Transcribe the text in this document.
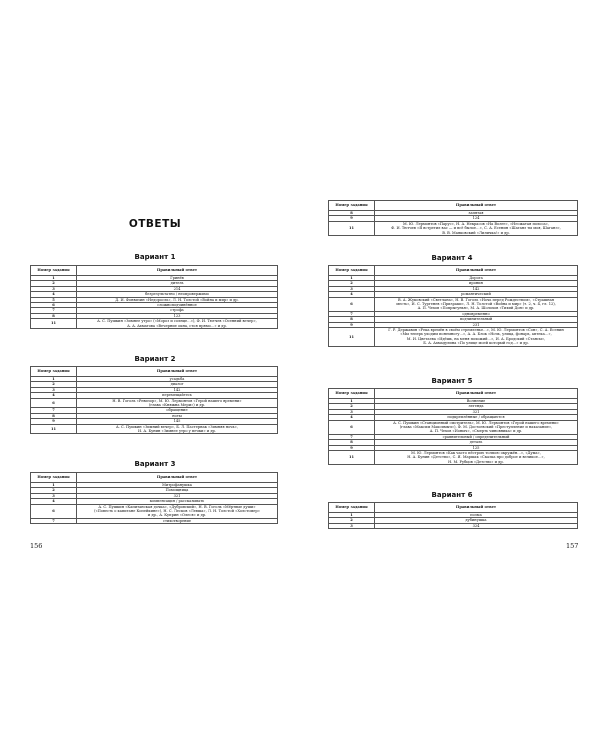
ОТВЕТЫ
156
Вариант 1
Номер задания	Правильный ответ
1	Гринёв
2	дитель
3	214
4	безрезультатно / неопровержимо
5	Д. И. Фонвизин «Недоросль», Л. Н. Толстой «Война и мир» и др.
6	сложноподчинённое
7	строфа
8	123
11	А. С. Пушкин «Зимнее утро» («Мороз и солнце…»), Ф. И. Тютчев «Осенний вечер»,
А. А. Ахматова «Вечерние окна, стоя прямо…» и др.
Вариант 2
Номер задания	Правильный ответ
1	усадьба
2	диалог
3	142
4	перемещайтесь
6	Н. В. Гоголь «Ревизор», М. Ю. Лермонтов «Герой нашего времени»
(глава «Княжна Мери») и др.
7	обращение
8	ноты
9	145
11	А. С. Пушкин «Зимний вечер», Б. Л. Пастернак «Зимняя ночь»,
И. А. Бунин «Зимнее утро у печки» и др.
Вариант 3
Номер задания	Правильный ответ
1	Митрофанушка
2	Помощница
3	321
4	компенсация / рассказывать
6	А. С. Пушкин «Капитанская дочка», «Дубровский», Н. В. Гоголь «Мёртвые души»
(«Повесть о капитане Копейкине»), Н. С. Лесков «Левша», Л. Н. Толстой «Холстомер»
и др., А. Куприн «Олеся» и др.
7	стихотворение
157
Номер задания	Правильный ответ
8	запятая
9	124
11	М. Ю. Лермонтов «Парус», Н. А. Некрасов «На Волге», «Несжатая полоса»,
Ф. И. Тютчев «Я встретил вас — и всё былое…», С. А. Есенин «Шаганэ ты моя, Шаганэ»,
В. В. Маяковский «Лиличка!» и др.
Вариант 4
Номер задания	Правильный ответ
1	Дорога
2	ирония
3	142
4	романтический
6	В. А. Жуковский «Светлана», Н. В. Гоголь «Ночь перед Рождеством», «Страшная
месть», И. С. Тургенев «Призраки», Л. Н. Толстой «Война и мир» (т. 2, ч. 4, гл. 12),
А. П. Чехов «Попрыгунья», М. А. Шолохов «Тихий Дон» и др.
7	одновременно
8	подчинительный
9	231
11	Г. Р. Державин «Река времён в своём стремленье…», М. Ю. Лермонтов «Сон», С. А. Есенин
«Мы теперь уходим понемногу…», А. А. Блок «Ночь, улица, фонарь, аптека…»,
М. И. Цветаева «Идёшь, на меня похожий…», И. А. Бродский «Стансы»,
Б. А. Ахмадулина «По улице моей который год…» и др.
Вариант 5
Номер задания	Правильный ответ
1	Волнение
2	легенда
3	321
4	подкреплённые / обращаются
6	А. С. Пушкин «Станционный смотритель», М. Ю. Лермонтов «Герой нашего времени»
(глава «Максим Максимыч»), Ф. М. Достоевский «Преступление и наказание»,
А. П. Чехов «Ионыч», «Смерть чиновника» и др.
7	сравнительный / определительный
8	деталь
9	125
11	М. Ю. Лермонтов «Как часто пёстрою толпою окружён…», «Дума»,
Н. А. Бунин «Детство», С. Я. Маршак «Сказка про доброе и великое…»,
Н. М. Рубцов «Детство» и др.
Вариант 6
Номер задания	Правильный ответ
1	поэма
2	дубинушка
3	324
